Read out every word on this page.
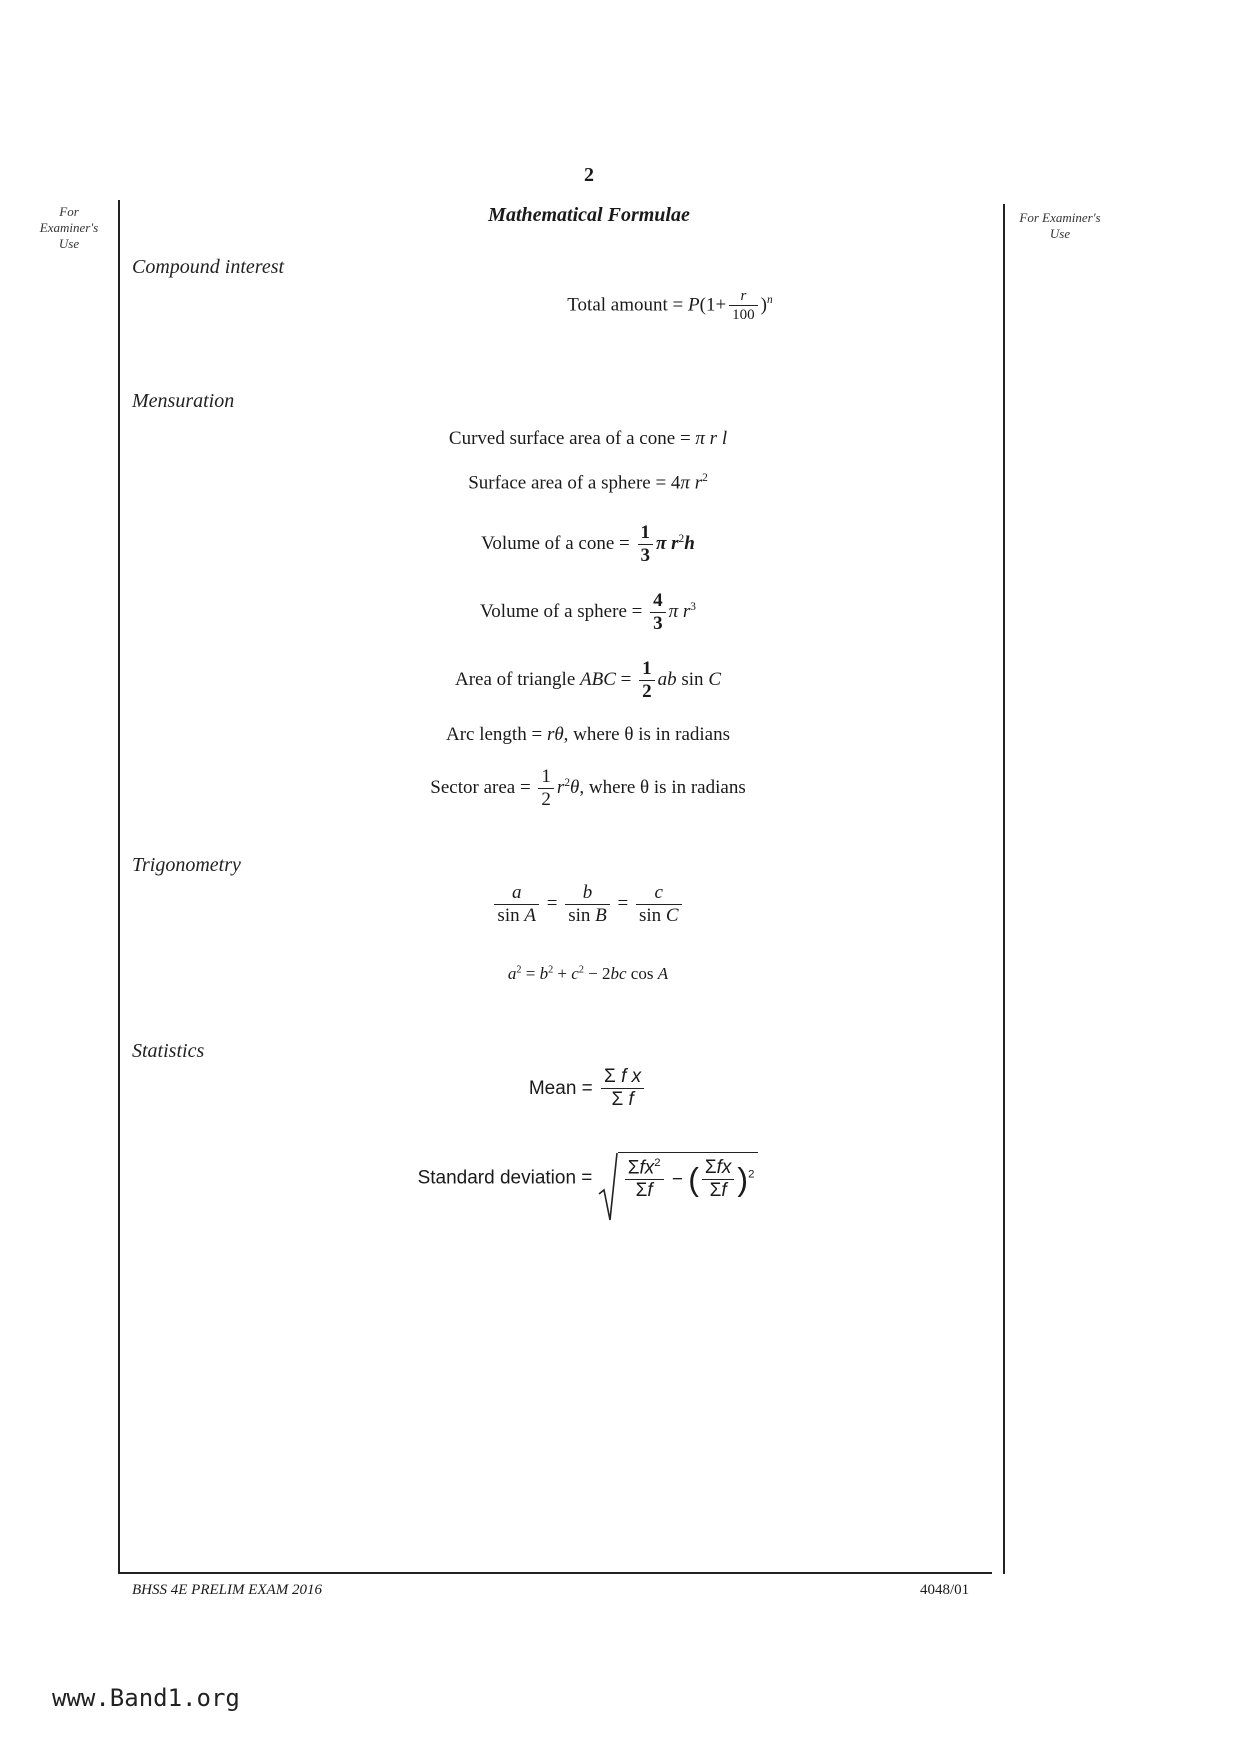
2
Mathematical Formulae
For Examiner's Use
For Examiner's Use
Compound interest
Total amount = $P(1+ \frac{r}{100} )^n$
Mensuration
Curved surface area of a cone = π r l
Surface area of a sphere = 4π $r^2$
Volume of a cone = $\frac{1}{3}$ π $r^2h$
Volume of a sphere = $\frac{4}{3}$ π $r^3$
Area of triangle ABC = $\frac{1}{2}$ ab sin C
Arc length = rθ, where θ is in radians
Sector area = $\frac{1}{2} r^2\theta$, where θ is in radians
Trigonometry
$\frac{a}{\text{sin A}} = \frac{b}{\text{sin B}} = \frac{c}{\text{sin C}}$
$a^2 = b^2 + c^2 - 2bc$ cos A
Statistics
Mean = $\frac{\text{Σ f x}}{\text{Σ f}}$
Standard deviation = $\frac{\Sigma fx^2}{\Sigma f}$ − ( $\frac{\text{Σfx}}{\Sigma f} )^2$
BHSS 4E PRELIM EXAM 2016	4048/01
www.Band1.org
